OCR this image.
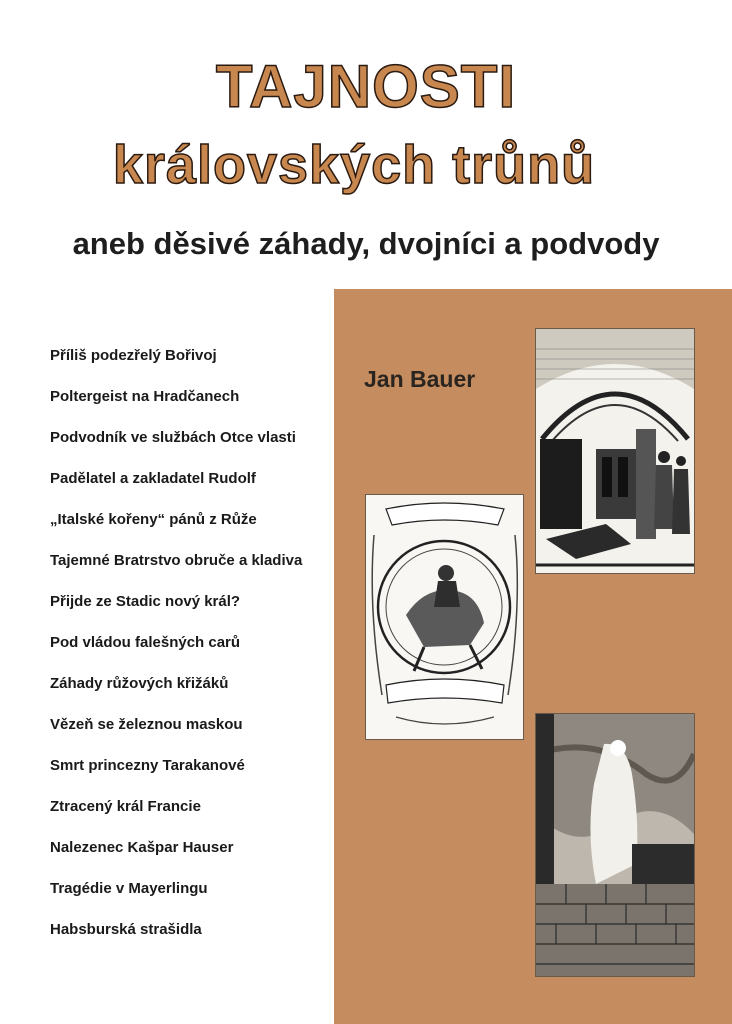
TAJNOSTI
královských trůnů
aneb děsivé záhady, dvojníci a podvody
Jan Bauer
Příliš podezřelý Bořivoj
Poltergeist na Hradčanech
Podvodník ve službách Otce vlasti
Padělatel a zakladatel Rudolf
„Italské kořeny“ pánů z Růže
Tajemné Bratrstvo obruče a kladiva
Přijde ze Stadic nový král?
Pod vládou falešných carů
Záhady růžových křižáků
Vězeň se železnou maskou
Smrt princezny Tarakanové
Ztracený král Francie
Nalezenec Kašpar Hauser
Tragédie v Mayerlingu
Habsburská strašidla
